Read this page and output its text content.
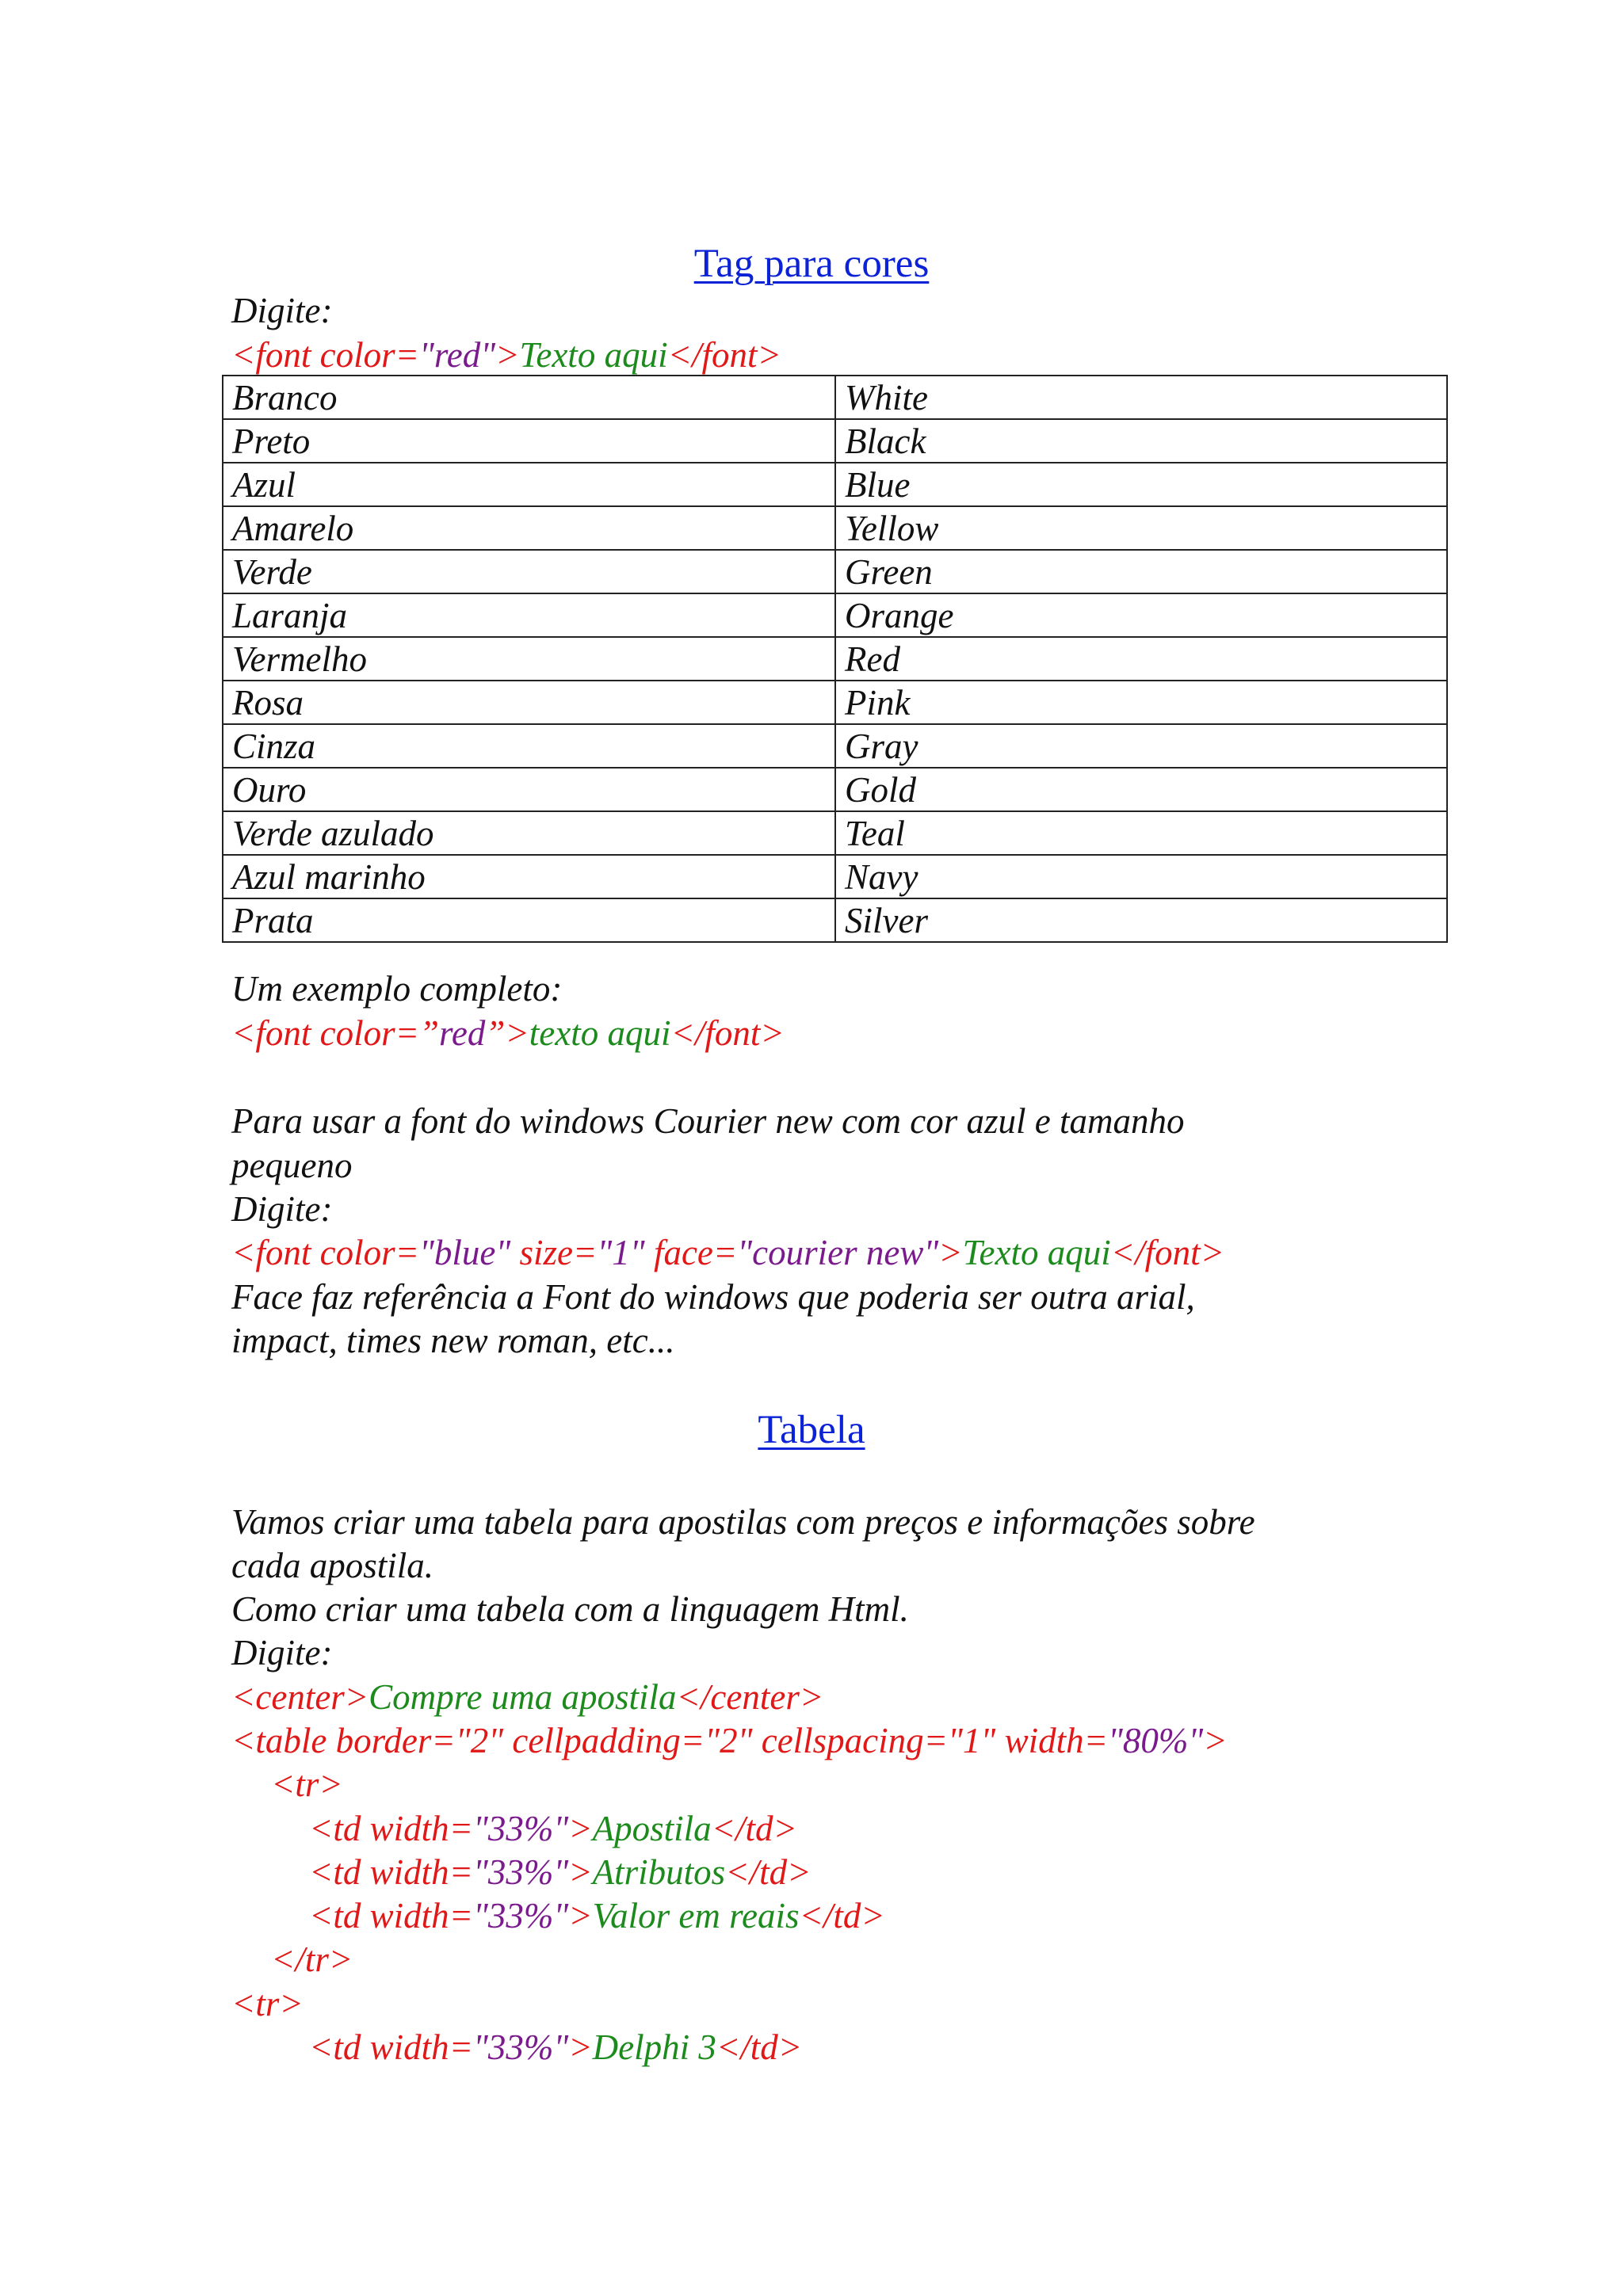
Tag para cores
Digite:
<font color="red">Texto aqui</font>
Branco	White
Preto	Black
Azul	Blue
Amarelo	Yellow
Verde	Green
Laranja	Orange
Vermelho	Red
Rosa	Pink
Cinza	Gray
Ouro	Gold
Verde azulado	Teal
Azul marinho	Navy
Prata	Silver
Um exemplo completo:
<font color=”red”>texto aqui</font>
Para usar a font do windows Courier new com cor azul e tamanho
pequeno
Digite:
<font color="blue" size="1" face="courier new">Texto aqui</font>
Face faz referência a Font do windows que poderia ser outra arial,
impact, times new roman, etc...
Tabela
Vamos criar uma tabela para apostilas com preços e informações sobre
cada apostila.
Como criar uma tabela com a linguagem Html.
Digite:
<center>Compre uma apostila</center>
<table border="2" cellpadding="2" cellspacing="1" width="80%">
<tr>
<td width="33%">Apostila</td>
<td width="33%">Atributos</td>
<td width="33%">Valor em reais</td>
</tr>
<tr>
<td width="33%">Delphi 3</td>
